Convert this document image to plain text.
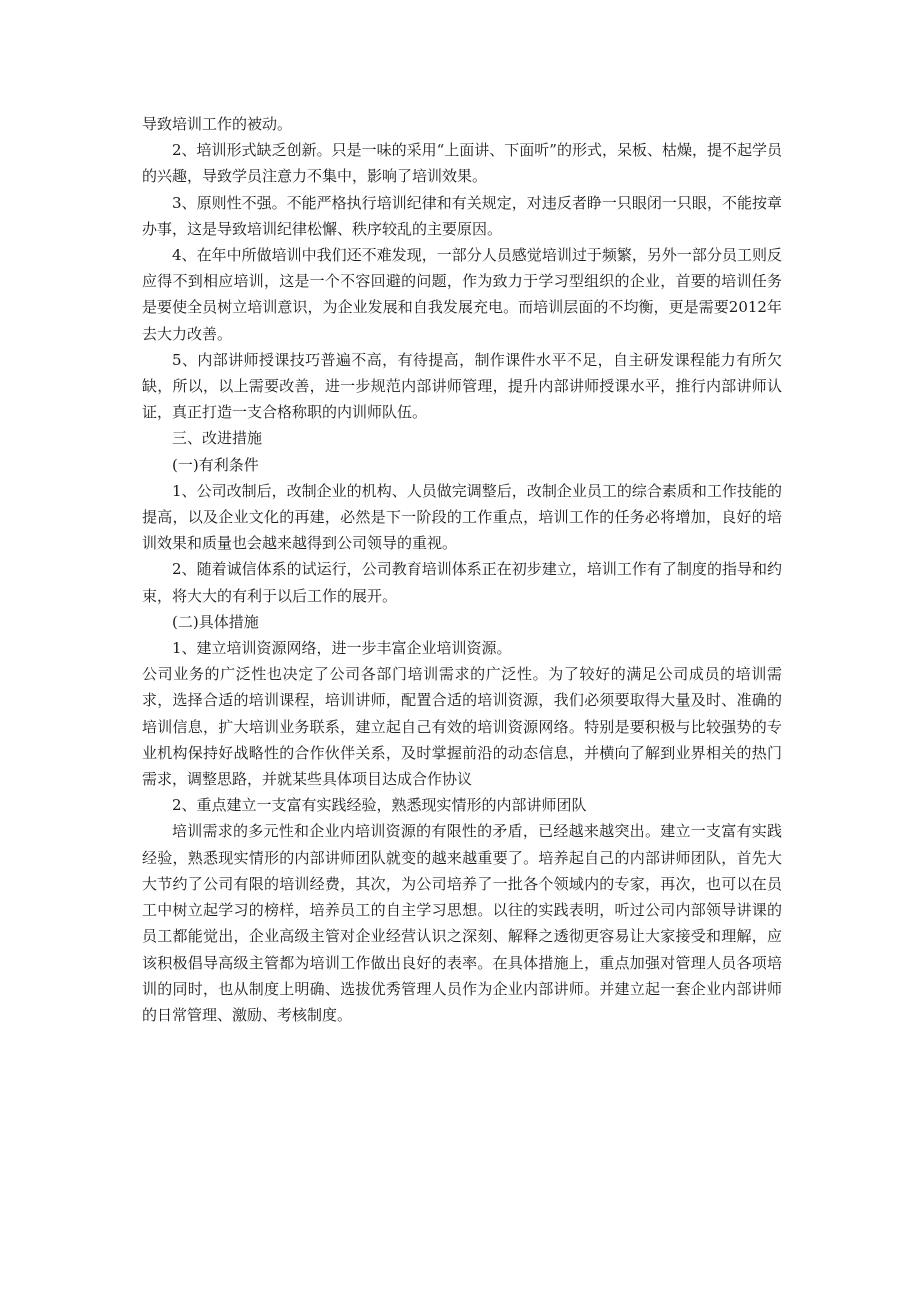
导致培训工作的被动。

2、培训形式缺乏创新。只是一味的采用“上面讲、下面听”的形式，呆板、枯燥，提不起学员的兴趣，导致学员注意力不集中，影响了培训效果。

3、原则性不强。不能严格执行培训纪律和有关规定，对违反者睁一只眼闭一只眼，不能按章办事，这是导致培训纪律松懈、秩序较乱的主要原因。

4、在年中所做培训中我们还不难发现，一部分人员感觉培训过于频繁，另外一部分员工则反应得不到相应培训，这是一个不容回避的问题，作为致力于学习型组织的企业，首要的培训任务是要使全员树立培训意识，为企业发展和自我发展充电。而培训层面的不均衡，更是需要2012年去大力改善。

5、内部讲师授课技巧普遍不高，有待提高，制作课件水平不足，自主研发课程能力有所欠缺，所以，以上需要改善，进一步规范内部讲师管理，提升内部讲师授课水平，推行内部讲师认证，真正打造一支合格称职的内训师队伍。

三、改进措施

(一)有利条件

1、公司改制后，改制企业的机构、人员做完调整后，改制企业员工的综合素质和工作技能的提高，以及企业文化的再建，必然是下一阶段的工作重点，培训工作的任务必将增加，良好的培训效果和质量也会越来越得到公司领导的重视。

2、随着诚信体系的试运行，公司教育培训体系正在初步建立，培训工作有了制度的指导和约束，将大大的有利于以后工作的展开。

(二)具体措施

1、建立培训资源网络，进一步丰富企业培训资源。

公司业务的广泛性也决定了公司各部门培训需求的广泛性。为了较好的满足公司成员的培训需求，选择合适的培训课程，培训讲师，配置合适的培训资源，我们必须要取得大量及时、准确的培训信息，扩大培训业务联系，建立起自己有效的培训资源网络。特别是要积极与比较强势的专业机构保持好战略性的合作伙伴关系，及时掌握前沿的动态信息，并横向了解到业界相关的热门需求，调整思路，并就某些具体项目达成合作协议

2、重点建立一支富有实践经验，熟悉现实情形的内部讲师团队

培训需求的多元性和企业内培训资源的有限性的矛盾，已经越来越突出。建立一支富有实践经验，熟悉现实情形的内部讲师团队就变的越来越重要了。培养起自己的内部讲师团队，首先大大节约了公司有限的培训经费，其次，为公司培养了一批各个领域内的专家，再次，也可以在员工中树立起学习的榜样，培养员工的自主学习思想。以往的实践表明，听过公司内部领导讲课的员工都能觉出，企业高级主管对企业经营认识之深刻、解释之透彻更容易让大家接受和理解，应该积极倡导高级主管都为培训工作做出良好的表率。在具体措施上，重点加强对管理人员各项培训的同时，也从制度上明确、选拔优秀管理人员作为企业内部讲师。并建立起一套企业内部讲师的日常管理、激励、考核制度。
